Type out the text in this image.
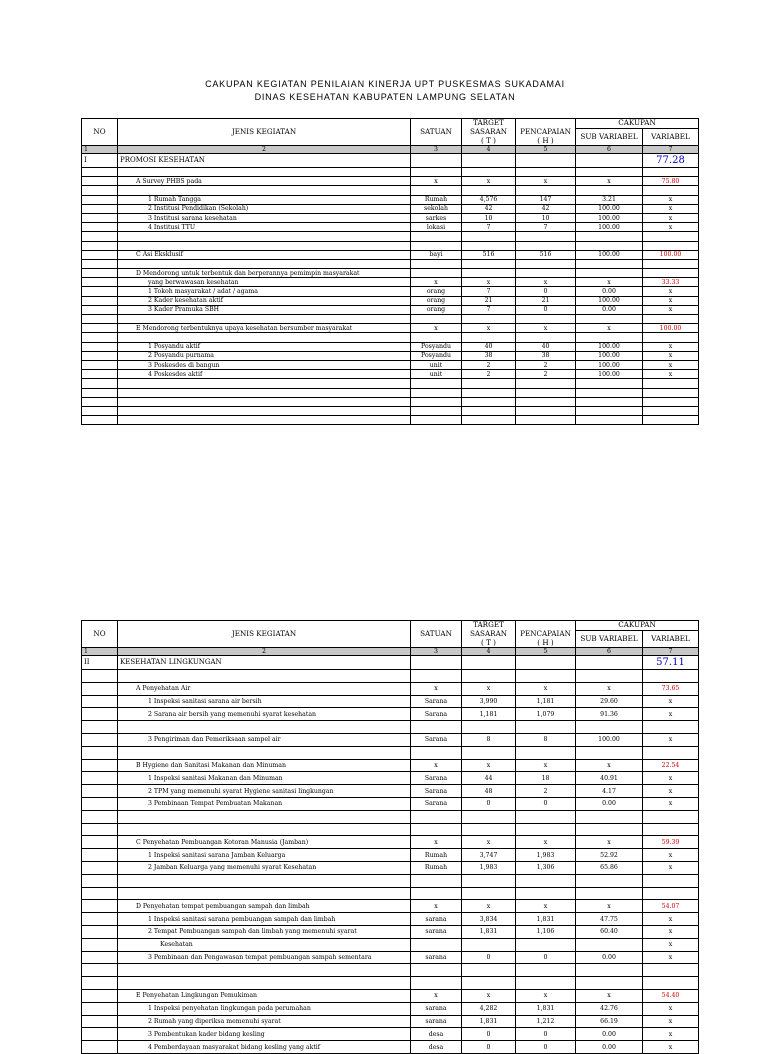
CAKUPAN KEGIATAN PENILAIAN KINERJA UPT PUSKESMAS SUKADAMAI
DINAS KESEHATAN KABUPATEN LAMPUNG SELATAN
NO	JENIS KEGIATAN	SATUAN	TARGET		CAKUPAN	
			SASARAN	PENCAPAIAN	SUB VARIABEL	VARIABEL
			( T )	( H )		
1	2	3	4	5	6	7
I	PROMOSI KESEHATAN					77.28

	A Survey PHBS pada	x	x	x	x	75.80

	1 Rumah Tangga	Rumah	4,576	147	3.21	x
	2 Institusi Pendidikan (Sekolah)	sekolah	42	42	100.00	x
	3 Institusi sarana kesehatan	sarkes	10	10	100.00	x
	4 Institusi TTU	lokasi	7	7	100.00	x

	C Asi Eksklusif	bayi	516	516	100.00	100.00

	D Mendorong untuk terbentuk dan berperannya pemimpin masyarakat					
	yang berwawasan kesehatan	x	x	x	x	33.33
	1 Tokoh masyarakat / adat / agama	orang	7	0	0.00	x
	2 Kader kesehatan aktif	orang	21	21	100.00	x
	3 Kader Pramuka SBH	orang	7	0	0.00	x

	E Mendorong terbentuknya upaya kesehatan bersumber masyarakat	x	x	x	x	100.00

	1 Posyandu aktif	Posyandu	40	40	100.00	x
	2 Posyandu purnama	Posyandu	38	38	100.00	x
	3 Poskesdes di bangun	unit	2	2	100.00	x
	4 Poskesdes aktif	unit	2	2	100.00	x

NO	JENIS KEGIATAN	SATUAN	TARGET		CAKUPAN	
			SASARAN	PENCAPAIAN	SUB VARIABEL	VARIABEL
			( T )	( H )		
1	2	3	4	5	6	7
II	KESEHATAN LINGKUNGAN					57.11

	A Penyehatan Air	x	x	x	x	73.65
	1 Inspeksi sanitasi sarana air bersih	Sarana	3,990	1,181	29.60	x
	2 Sarana air bersih yang memenuhi syarat kesehatan	Sarana	1,181	1,079	91.36	x

	3 Pengiriman dan Pemeriksaan sampel air	Sarana	8	8	100.00	x

	B Hygiene dan Sanitasi Makanan dan Minuman	x	x	x	x	22.54
	1 Inspeksi sanitasi Makanan dan Minuman	Sarana	44	18	40.91	x
	2 TPM yang memenuhi syarat Hygiene sanitasi lingkungan	Sarana	48	2	4.17	x
	3 Pembinaan Tempat Pembuatan Makanan	Sarana	0	0	0.00	x

	C Penyehatan Pembuangan Kotoran Manusia (Jamban)	x	x	x	x	59.39
	1 Inspeksi sanitasi sarana Jamban Keluarga	Rumah	3,747	1,983	52.92	x
	2 Jamban Keluarga yang memenuhi syarat Kesehatan	Rumah	1,983	1,306	65.86	x

	D Penyehatan tempat pembuangan sampah dan limbah	x	x	x	x	54.07
	1 Inspeksi sanitasi sarana pembuangan sampah dan limbah	sarana	3,834	1,831	47.75	x
	2 Tempat Pembuangan sampah dan limbah yang memenuhi syarat	sarana	1,831	1,106	60.40	x
	Kesehatan					x
	3 Pembinaan dan Pengawasan tempat pembuangan sampah sementara	sarana	0	0	0.00	x

	E Penyehatan Lingkungan Pemukiman	x	x	x	x	54.40
	1 Inspeksi penyehatan lingkungan pada perumahan	sarana	4,282	1,831	42.76	x
	2 Rumah yang diperiksa memenuhi syarat	sarana	1,831	1,212	66.19	x
	3 Pembentukan kader bidang kesling	desa	0	0	0.00	x
	4 Pemberdayaan masyarakat bidang kesling yang aktif	desa	0	0	0.00	x
